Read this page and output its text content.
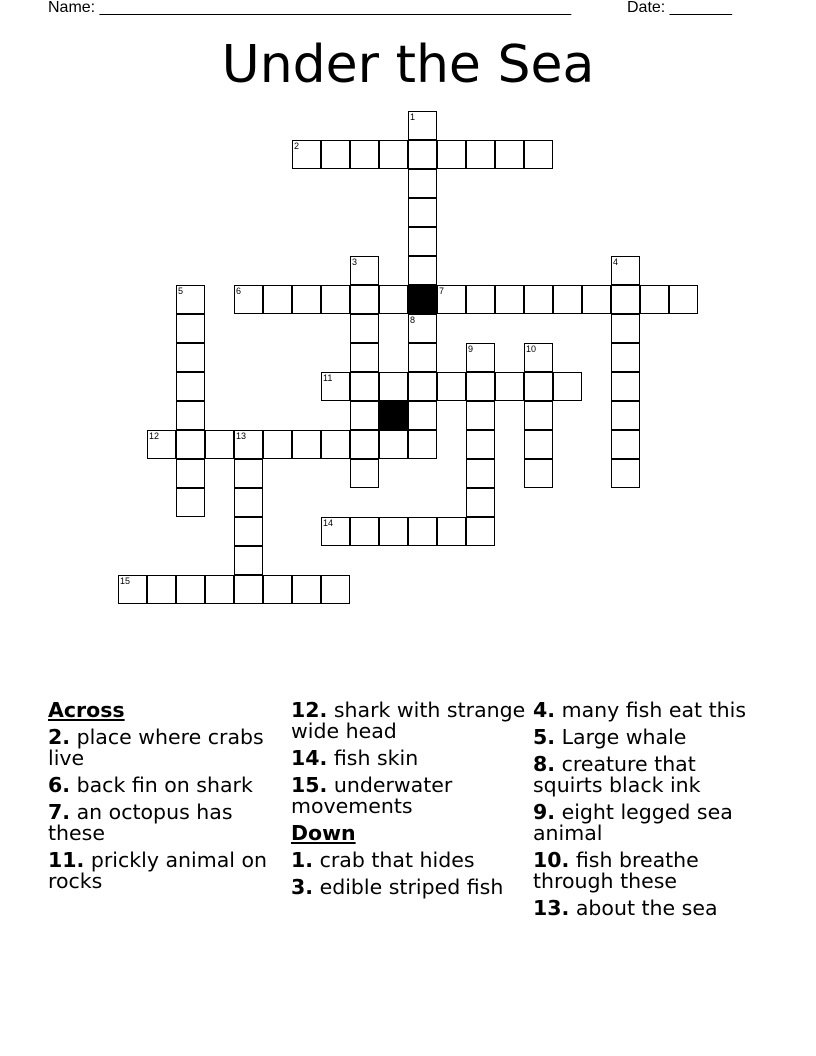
Name: _____________________________________________________	Date: _______
Under the Sea
1
2
3	4
5	6	7
8
9	10
11
12	13
14
15
Across
2. place where crabs live
6. back fin on shark
7. an octopus has these
11. prickly animal on rocks
12. shark with strange wide head
14. fish skin
15. underwater movements
Down
1. crab that hides
3. edible striped fish
4. many fish eat this
5. Large whale
8. creature that squirts black ink
9. eight legged sea animal
10. fish breathe through these
13. about the sea
